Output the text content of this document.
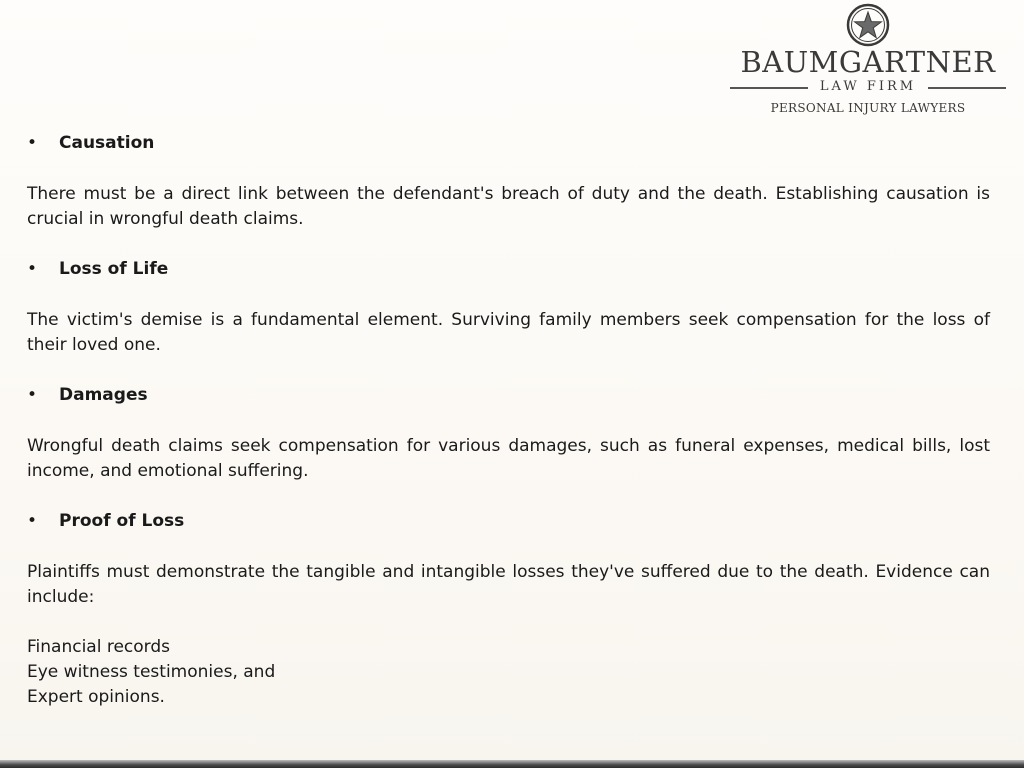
BAUMGARTNER
LAW FIRM
PERSONAL INJURY LAWYERS
•	Causation

There must be a direct link between the defendant's breach of duty and the death. Establishing causation is crucial in wrongful death claims.

•	Loss of Life

The victim's demise is a fundamental element. Surviving family members seek compensation for the loss of their loved one.

•	Damages

Wrongful death claims seek compensation for various damages, such as funeral expenses, medical bills, lost income, and emotional suffering.

•	Proof of Loss

Plaintiffs must demonstrate the tangible and intangible losses they've suffered due to the death. Evidence can include:

Financial records

Eye witness testimonies, and

Expert opinions.
